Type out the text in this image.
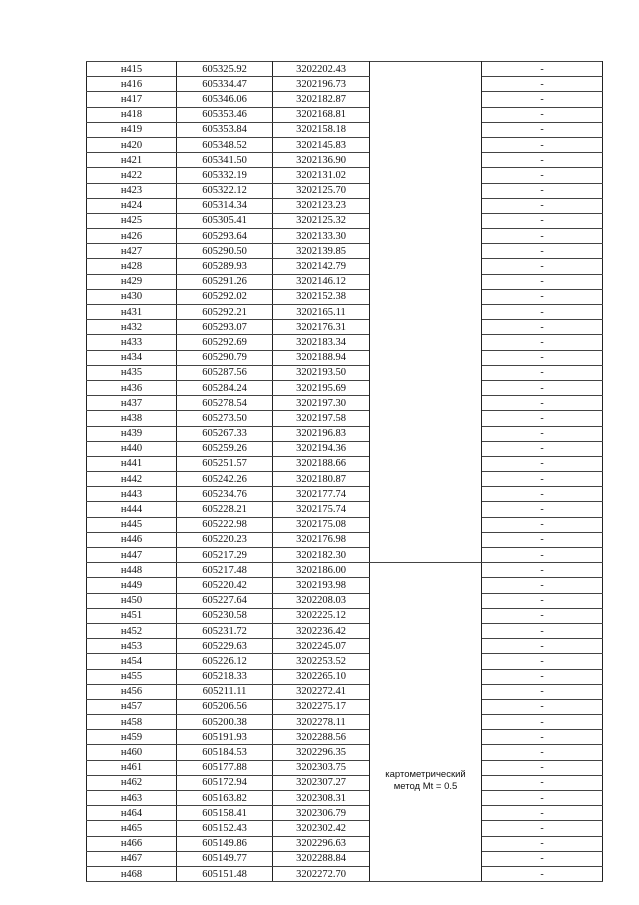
н415	605325.92	3202202.43		-
н416	605334.47	3202196.73		-
н417	605346.06	3202182.87		-
н418	605353.46	3202168.81		-
н419	605353.84	3202158.18		-
н420	605348.52	3202145.83		-
н421	605341.50	3202136.90		-
н422	605332.19	3202131.02		-
н423	605322.12	3202125.70		-
н424	605314.34	3202123.23		-
н425	605305.41	3202125.32		-
н426	605293.64	3202133.30		-
н427	605290.50	3202139.85		-
н428	605289.93	3202142.79		-
н429	605291.26	3202146.12		-
н430	605292.02	3202152.38		-
н431	605292.21	3202165.11		-
н432	605293.07	3202176.31		-
н433	605292.69	3202183.34		-
н434	605290.79	3202188.94		-
н435	605287.56	3202193.50		-
н436	605284.24	3202195.69		-
н437	605278.54	3202197.30		-
н438	605273.50	3202197.58		-
н439	605267.33	3202196.83		-
н440	605259.26	3202194.36		-
н441	605251.57	3202188.66		-
н442	605242.26	3202180.87		-
н443	605234.76	3202177.74		-
н444	605228.21	3202175.74		-
н445	605222.98	3202175.08		-
н446	605220.23	3202176.98		-
н447	605217.29	3202182.30		-
н448	605217.48	3202186.00	картометрический
метод Mt = 0.5	-
н449	605220.42	3202193.98		-
н450	605227.64	3202208.03		-
н451	605230.58	3202225.12		-
н452	605231.72	3202236.42		-
н453	605229.63	3202245.07		-
н454	605226.12	3202253.52		-
н455	605218.33	3202265.10		-
н456	605211.11	3202272.41		-
н457	605206.56	3202275.17		-
н458	605200.38	3202278.11		-
н459	605191.93	3202288.56		-
н460	605184.53	3202296.35		-
н461	605177.88	3202303.75		-
н462	605172.94	3202307.27		-
н463	605163.82	3202308.31		-
н464	605158.41	3202306.79		-
н465	605152.43	3202302.42		-
н466	605149.86	3202296.63		-
н467	605149.77	3202288.84		-
н468	605151.48	3202272.70		-
